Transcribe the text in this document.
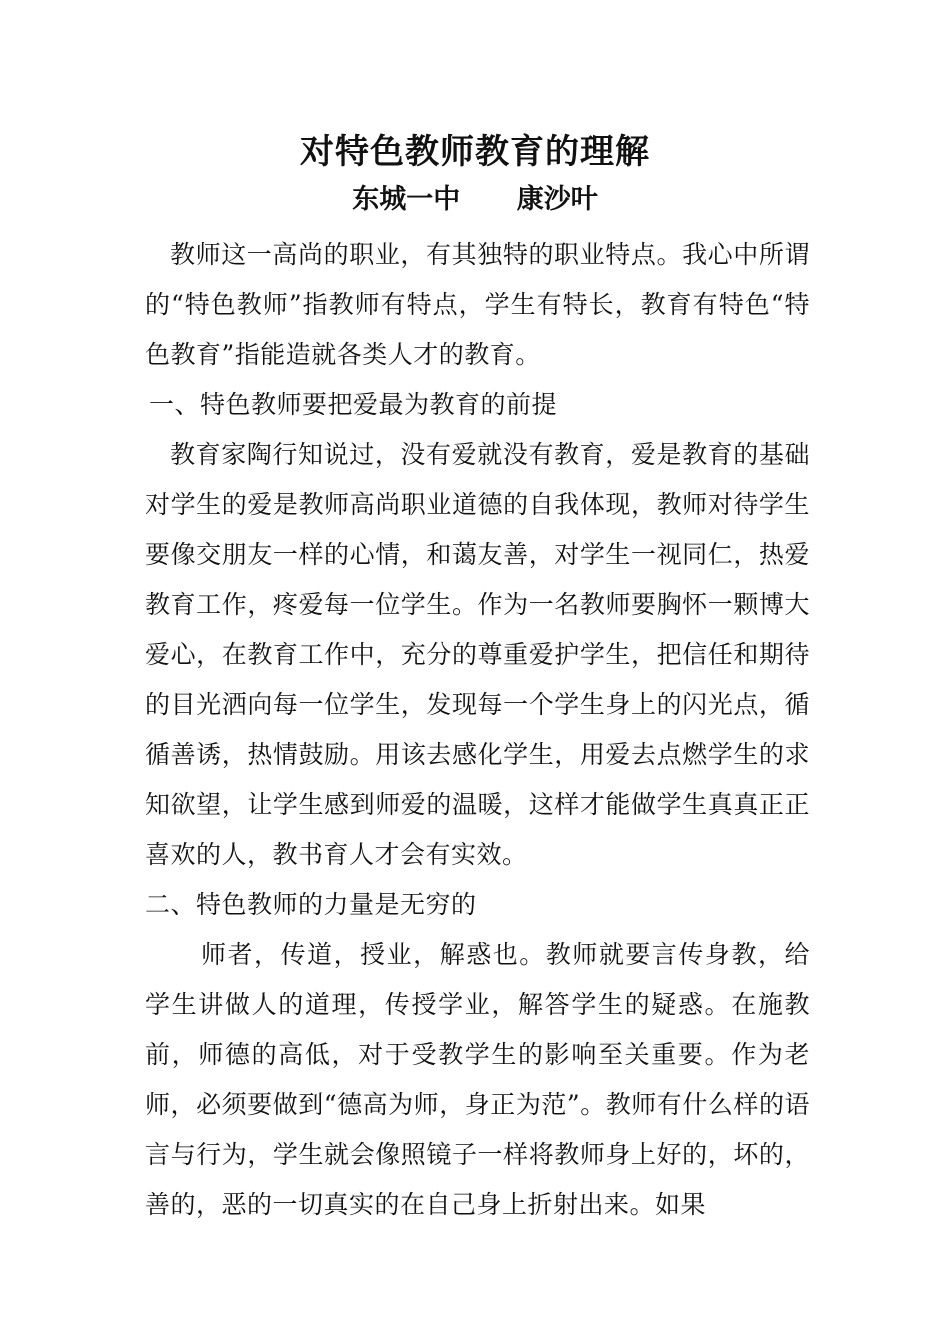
对特色教师教育的理解
东城一中      康沙叶

教师这一高尚的职业，有其独特的职业特点。我心中所谓的“特色教师”指教师有特点，学生有特长，教育有特色“特色教育”指能造就各类人才的教育。

一、特色教师要把爱最为教育的前提

教育家陶行知说过，没有爱就没有教育，爱是教育的基础对学生的爱是教师高尚职业道德的自我体现，教师对待学生要像交朋友一样的心情，和蔼友善，对学生一视同仁，热爱教育工作，疼爱每一位学生。作为一名教师要胸怀一颗博大爱心，在教育工作中，充分的尊重爱护学生，把信任和期待的目光洒向每一位学生，发现每一个学生身上的闪光点，循循善诱，热情鼓励。用该去感化学生，用爱去点燃学生的求知欲望，让学生感到师爱的温暖，这样才能做学生真真正正喜欢的人，教书育人才会有实效。

二、特色教师的力量是无穷的

师者，传道，授业，解惑也。教师就要言传身教，给学生讲做人的道理，传授学业，解答学生的疑惑。在施教前，师德的高低，对于受教学生的影响至关重要。作为老师，必须要做到“德高为师，身正为范”。教师有什么样的语言与行为，学生就会像照镜子一样将教师身上好的，坏的，善的，恶的一切真实的在自己身上折射出来。如果
